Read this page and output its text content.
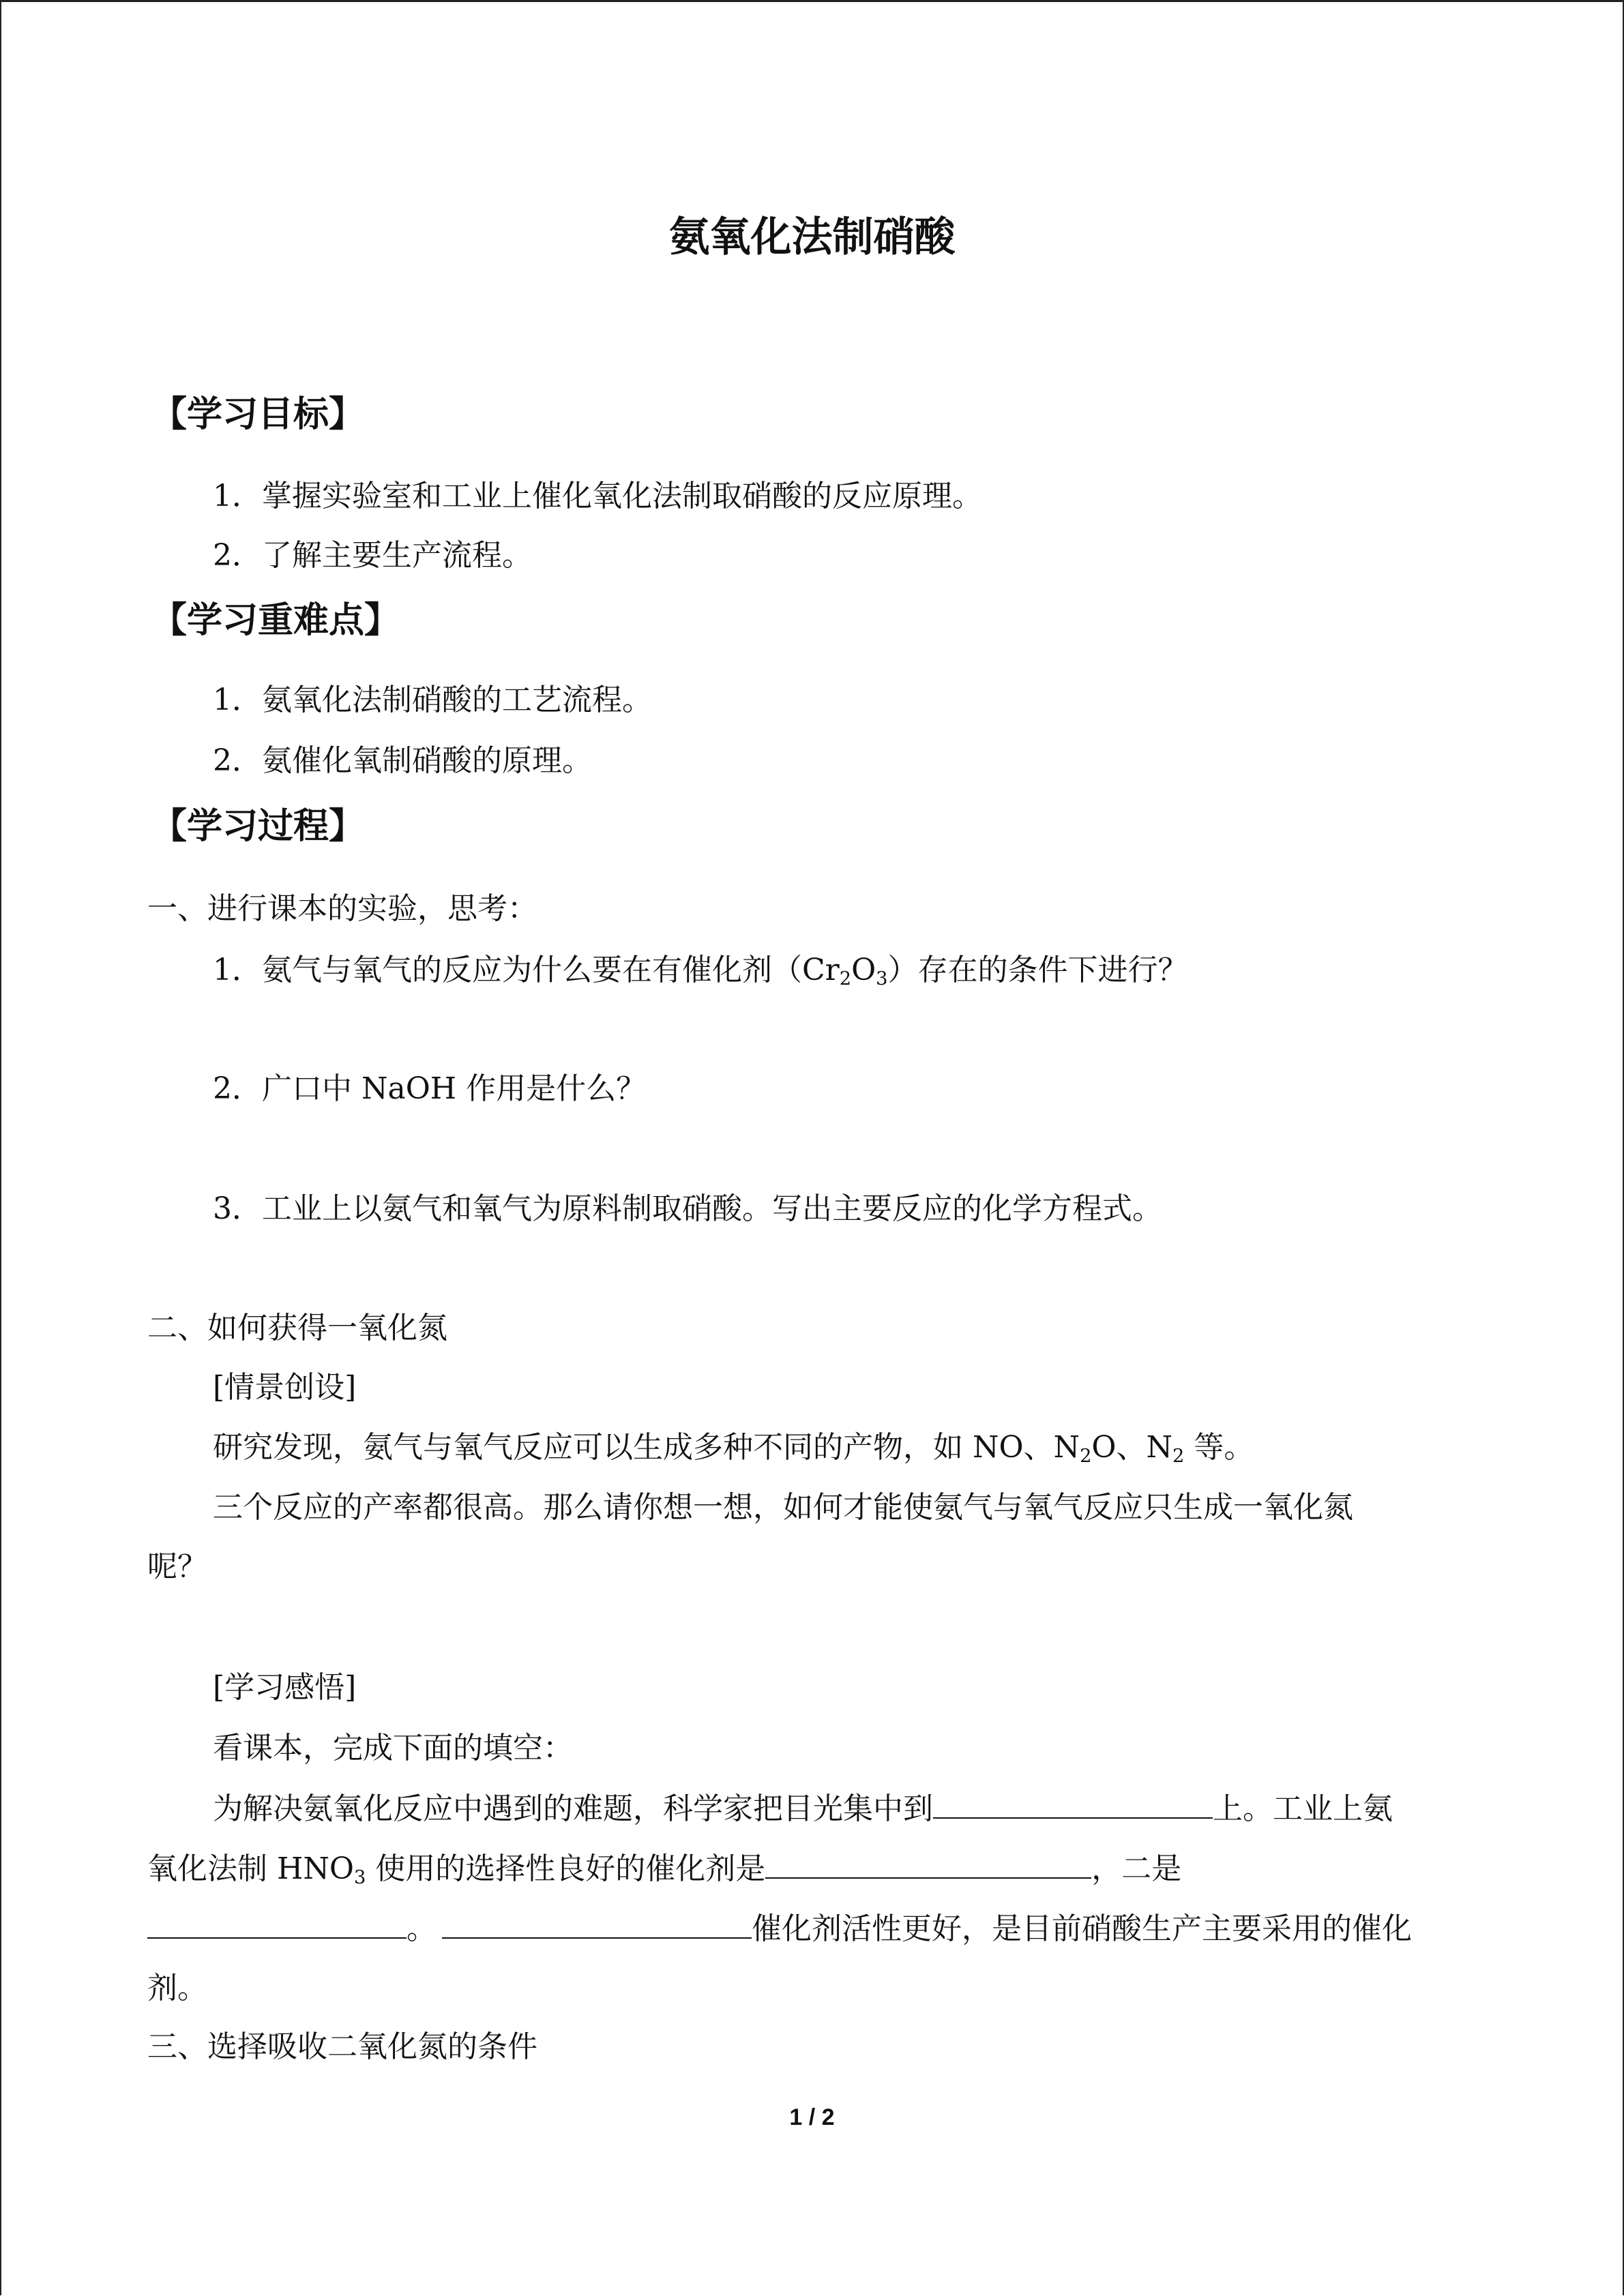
氨氧化法制硝酸
【学习目标】
1．掌握实验室和工业上催化氧化法制取硝酸的反应原理。
2．了解主要生产流程。
【学习重难点】
1．氨氧化法制硝酸的工艺流程。
2．氨催化氧制硝酸的原理。
【学习过程】
一、进行课本的实验，思考：
1．氨气与氧气的反应为什么要在有催化剂$(Cr_2O_3)$存在的条件下进行？
2．广口中 NaOH 作用是什么？
3．工业上以氨气和氧气为原料制取硝酸。写出主要反应的化学方程式。
二、如何获得一氧化氮
[情景创设]
研究发现，氨气与氧气反应可以生成多种不同的产物，如 NO、$N_2O$、$N_2$ 等。
三个反应的产率都很高。那么请你想一想，如何才能使氨气与氧气反应只生成一氧化氮
呢？
[学习感悟]
看课本，完成下面的填空：
为解决氨氧化反应中遇到的难题，科学家把目光集中到	上。工业上氨
氧化法制 $HNO_3$ 使用的选择性良好的催化剂是	，二是
。	催化剂活性更好，是目前硝酸生产主要采用的催化
剂。
三、选择吸收二氧化氮的条件
1 / 2
